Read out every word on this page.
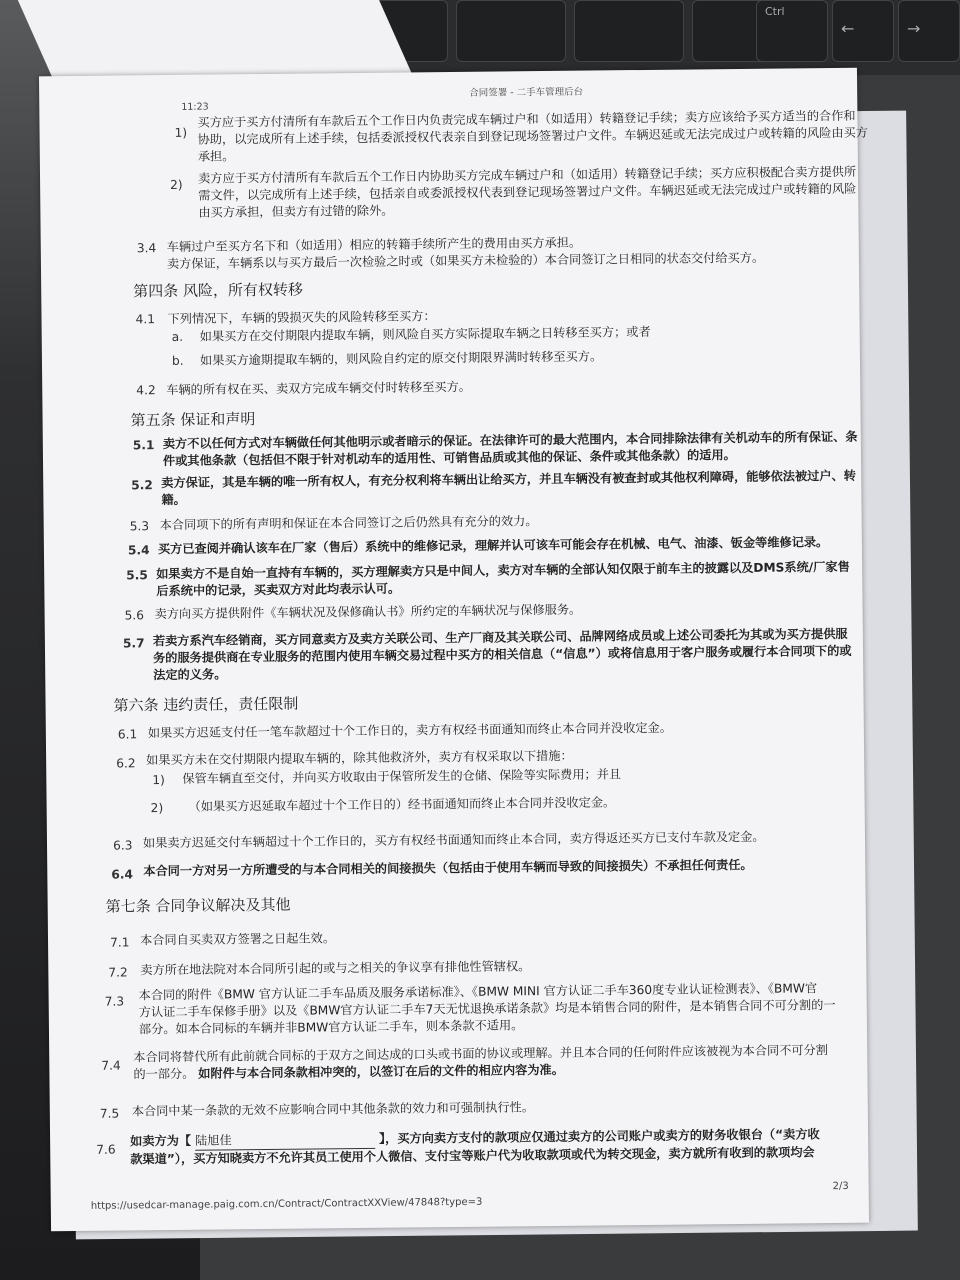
Ctrl
←	→
11:23
合同签署 - 二手车管理后台
1)
买方应于买方付清所有车款后五个工作日内负责完成车辆过户和（如适用）转籍登记手续；卖方应该给予买方适当的合作和
协助，以完成所有上述手续，包括委派授权代表亲自到登记现场签署过户文件。车辆迟延或无法完成过户或转籍的风险由买方
承担。
2) 卖方应于买方付清所有车款后五个工作日内协助买方完成车辆过户和（如适用）转籍登记手续；买方应积极配合卖方提供所
需文件，以完成所有上述手续，包括亲自或委派授权代表到登记现场签署过户文件。车辆迟延或无法完成过户或转籍的风险
由买方承担，但卖方有过错的除外。
3.4 车辆过户至买方名下和（如适用）相应的转籍手续所产生的费用由买方承担。
卖方保证，车辆系以与买方最后一次检验之时或（如果买方未检验的）本合同签订之日相同的状态交付给买方。
第四条 风险，所有权转移
4.1 下列情况下，车辆的毁损灭失的风险转移至买方：
a. 如果买方在交付期限内提取车辆，则风险自买方实际提取车辆之日转移至买方；或者
b. 如果买方逾期提取车辆的，则风险自约定的原交付期限界满时转移至买方。
4.2 车辆的所有权在买、卖双方完成车辆交付时转移至买方。
第五条 保证和声明
5.1 卖方不以任何方式对车辆做任何其他明示或者暗示的保证。在法律许可的最大范围内，本合同排除法律有关机动车的所有保证、条
件或其他条款（包括但不限于针对机动车的适用性、可销售品质或其他的保证、条件或其他条款）的适用。
5.2 卖方保证，其是车辆的唯一所有权人，有充分权利将车辆出让给买方，并且车辆没有被查封或其他权利障碍，能够依法被过户、转
籍。
5.3 本合同项下的所有声明和保证在本合同签订之后仍然具有充分的效力。
5.4 买方已查阅并确认该车在厂家（售后）系统中的维修记录，理解并认可该车可能会存在机械、电气、油漆、钣金等维修记录。
5.5 如果卖方不是自始一直持有车辆的，买方理解卖方只是中间人，卖方对车辆的全部认知仅限于前车主的披露以及DMS系统/厂家售
后系统中的记录，买卖双方对此均表示认可。
5.6 卖方向买方提供附件《车辆状况及保修确认书》所约定的车辆状况与保修服务。
5.7 若卖方系汽车经销商，买方同意卖方及卖方关联公司、生产厂商及其关联公司、品牌网络成员或上述公司委托为其或为买方提供服
务的服务提供商在专业服务的范围内使用车辆交易过程中买方的相关信息（“信息”）或将信息用于客户服务或履行本合同项下的或
法定的义务。
第六条 违约责任，责任限制
6.1 如果买方迟延支付任一笔车款超过十个工作日的，卖方有权经书面通知而终止本合同并没收定金。
6.2 如果买方未在交付期限内提取车辆的，除其他救济外，卖方有权采取以下措施：
1) 保管车辆直至交付，并向买方收取由于保管所发生的仓储、保险等实际费用；并且
2) （如果买方迟延取车超过十个工作日的）经书面通知而终止本合同并没收定金。
6.3 如果卖方迟延交付车辆超过十个工作日的，买方有权经书面通知而终止本合同，卖方得返还买方已支付车款及定金。
6.4 本合同一方对另一方所遭受的与本合同相关的间接损失（包括由于使用车辆而导致的间接损失）不承担任何责任。
第七条 合同争议解决及其他
7.1 本合同自买卖双方签署之日起生效。
7.2 卖方所在地法院对本合同所引起的或与之相关的争议享有排他性管辖权。
7.3 本合同的附件《BMW 官方认证二手车品质及服务承诺标准》、《BMW MINI 官方认证二手车360度专业认证检测表》、《BMW官
方认证二手车保修手册》以及《BMW官方认证二手车7天无忧退换承诺条款》均是本销售合同的附件，是本销售合同不可分割的一
部分。如本合同标的车辆并非BMW官方认证二手车，则本条款不适用。
7.4
本合同将替代所有此前就合同标的于双方之间达成的口头或书面的协议或理解。并且本合同的任何附件应该被视为本合同不可分割
的一部分。 如附件与本合同条款相冲突的，以签订在后的文件的相应内容为准。
7.5 本合同中某一条款的无效不应影响合同中其他条款的效力和可强制执行性。
7.6
如卖方为【 陆旭佳	】，买方向卖方支付的款项应仅通过卖方的公司账户或卖方的财务收银台（“卖方收
款渠道”），买方知晓卖方不允许其员工使用个人微信、支付宝等账户代为收取款项或代为转交现金，卖方就所有收到的款项均会
https://usedcar-manage.paig.com.cn/Contract/ContractXXView/47848?type=3
2/3
